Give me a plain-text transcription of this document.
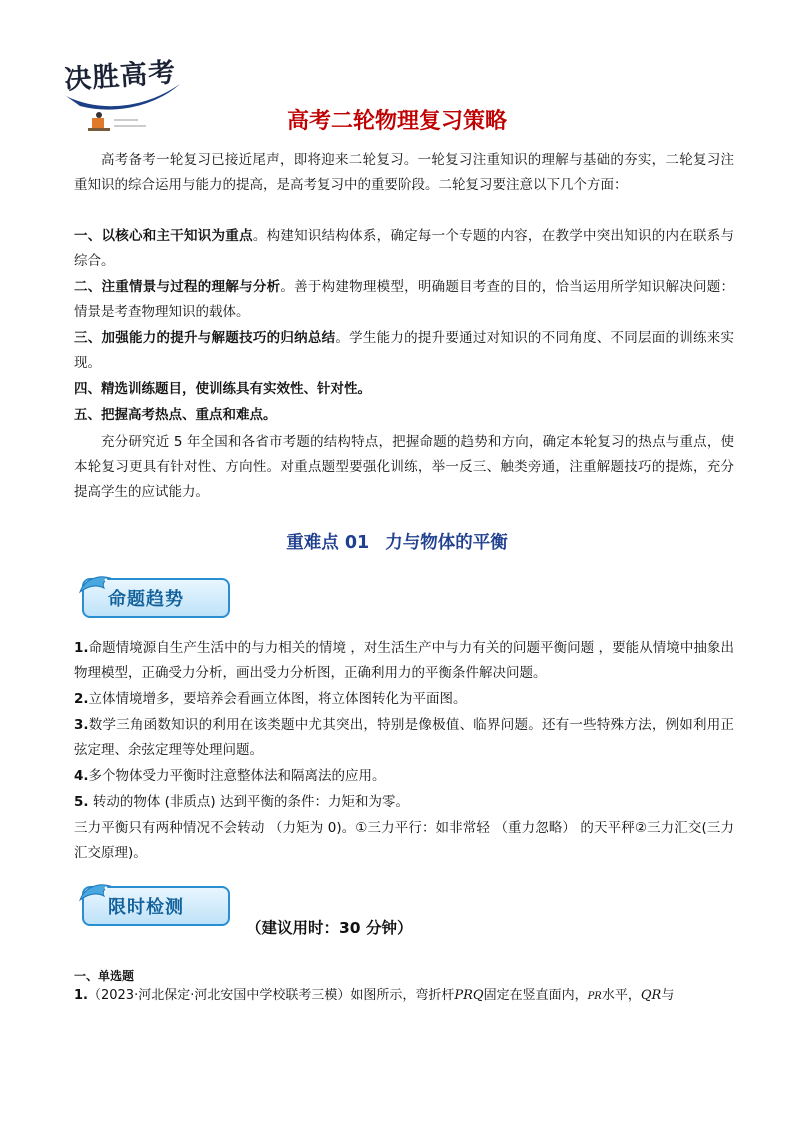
决胜高考
高考二轮物理复习策略

高考备考一轮复习已接近尾声，即将迎来二轮复习。一轮复习注重知识的理解与基础的夯实，二轮复习注重知识的综合运用与能力的提高，是高考复习中的重要阶段。二轮复习要注意以下几个方面：

一、以核心和主干知识为重点。构建知识结构体系，确定每一个专题的内容，在教学中突出知识的内在联系与综合。

二、注重情景与过程的理解与分析。善于构建物理模型，明确题目考查的目的，恰当运用所学知识解决问题：情景是考查物理知识的载体。

三、加强能力的提升与解题技巧的归纳总结。学生能力的提升要通过对知识的不同角度、不同层面的训练来实现。

四、精选训练题目，使训练具有实效性、针对性。

五、把握高考热点、重点和难点。

充分研究近 5 年全国和各省市考题的结构特点，把握命题的趋势和方向，确定本轮复习的热点与重点，使本轮复习更具有针对性、方向性。对重点题型要强化训练，举一反三、触类旁通，注重解题技巧的提炼，充分提高学生的应试能力。

重难点 01 力与物体的平衡
命题趋势

1.命题情境源自生产生活中的与力相关的情境 ，对生活生产中与力有关的问题平衡问题 ，要能从情境中抽象出物理模型，正确受力分析，画出受力分析图，正确利用力的平衡条件解决问题。

2.立体情境增多，要培养会看画立体图，将立体图转化为平面图。

3.数学三角函数知识的利用在该类题中尤其突出，特别是像极值、临界问题。还有一些特殊方法，例如利用正弦定理、余弦定理等处理问题。

4.多个物体受力平衡时注意整体法和隔离法的应用。

5. 转动的物体 (非质点) 达到平衡的条件：力矩和为零。

三力平衡只有两种情况不会转动 （力矩为 0)。①三力平行：如非常轻 （重力忽略） 的天平秤②三力汇交(三力汇交原理)。

限时检测
（建议用时：30 分钟）
一、单选题
1.（2023·河北保定·河北安国中学校联考三模）如图所示，弯折杆PRQ固定在竖直面内，PR水平，QR与
